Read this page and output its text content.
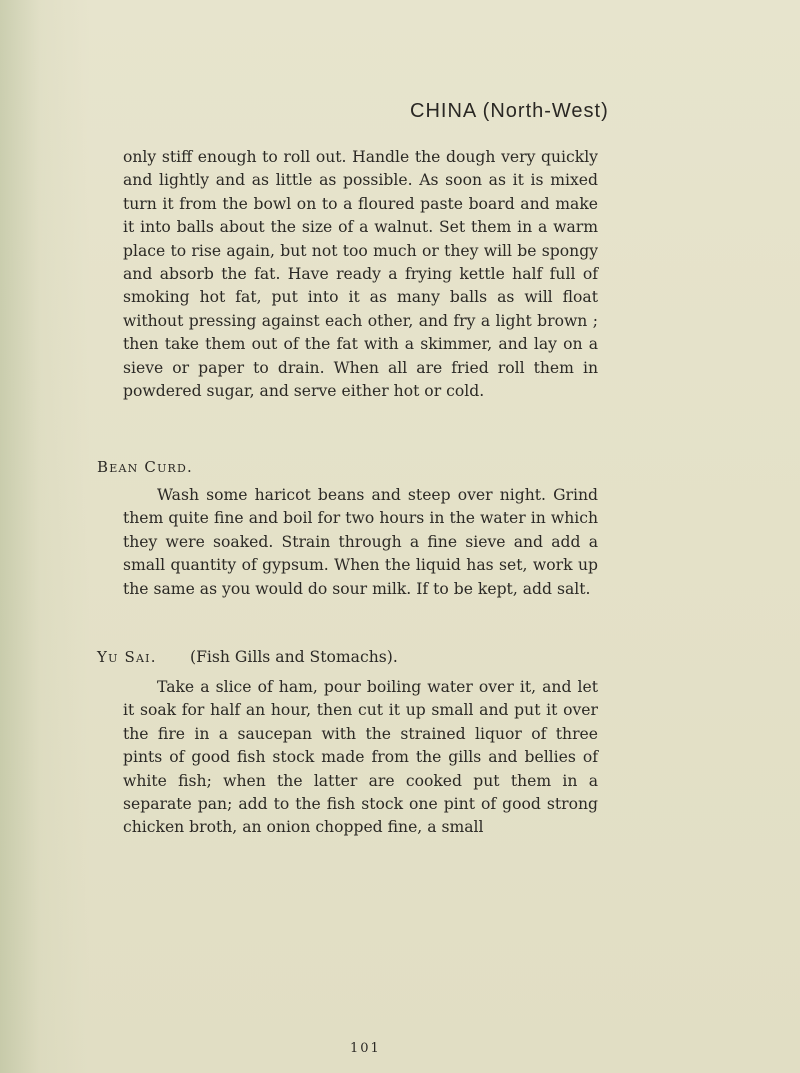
CHINA (North-West)
only stiff enough to roll out. Handle the dough very quickly and lightly and as little as possible. As soon as it is mixed turn it from the bowl on to a floured paste board and make it into balls about the size of a walnut. Set them in a warm place to rise again, but not too much or they will be spongy and absorb the fat. Have ready a frying kettle half full of smoking hot fat, put into it as many balls as will float without pressing against each other, and fry a light brown ; then take them out of the fat with a skimmer, and lay on a sieve or paper to drain. When all are fried roll them in powdered sugar, and serve either hot or cold.
Bean Curd.
Wash some haricot beans and steep over night. Grind them quite fine and boil for two hours in the water in which they were soaked. Strain through a fine sieve and add a small quantity of gypsum. When the liquid has set, work up the same as you would do sour milk. If to be kept, add salt.
Yu Sai. (Fish Gills and Stomachs).
Take a slice of ham, pour boiling water over it, and let it soak for half an hour, then cut it up small and put it over the fire in a saucepan with the strained liquor of three pints of good fish stock made from the gills and bellies of white fish; when the latter are cooked put them in a separate pan; add to the fish stock one pint of good strong chicken broth, an onion chopped fine, a small
101
